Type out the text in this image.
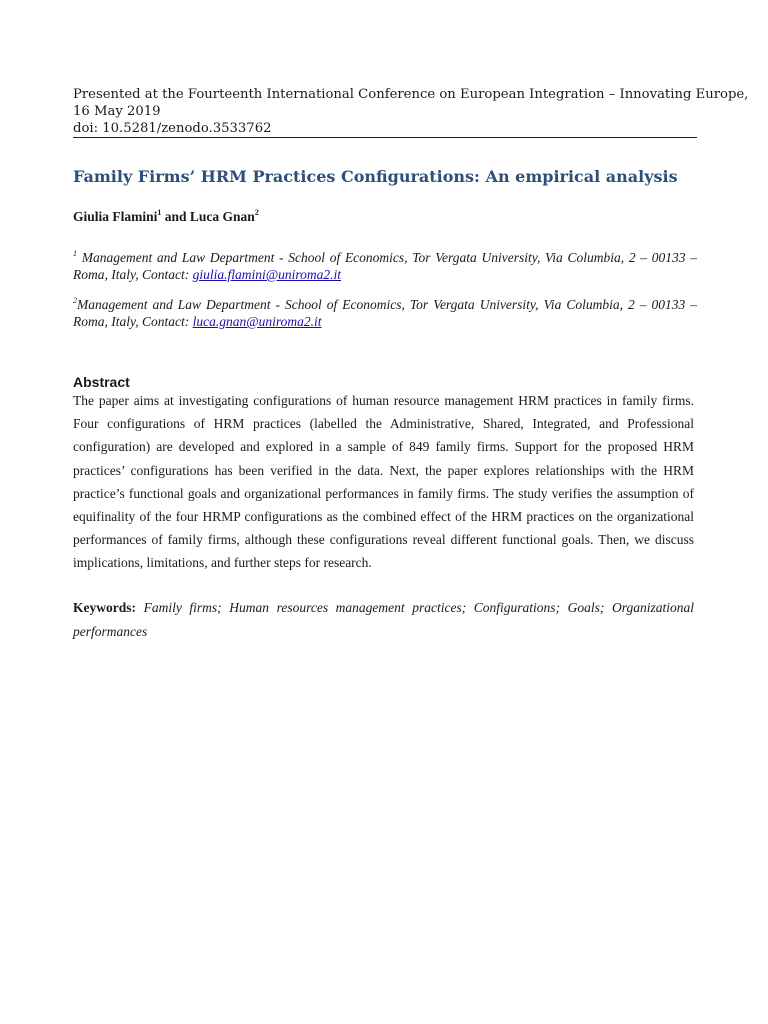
Presented at the Fourteenth International Conference on European Integration – Innovating Europe,
16 May 2019
doi: 10.5281/zenodo.3533762
Family Firms’ HRM Practices Configurations: An empirical analysis
Giulia Flamini$^1$ and Luca Gnan$^2$
$^1$ Management and Law Department - School of Economics, Tor Vergata University, Via Columbia, 2 – 00133 – Roma, Italy, Contact: giulia.flamini@uniroma2.it
$^2$Management and Law Department - School of Economics, Tor Vergata University, Via Columbia, 2 – 00133 – Roma, Italy, Contact: luca.gnan@uniroma2.it
Abstract
The paper aims at investigating configurations of human resource management HRM practices in family firms. Four configurations of HRM practices (labelled the Administrative, Shared, Integrated, and Professional configuration) are developed and explored in a sample of 849 family firms. Support for the proposed HRM practices’ configurations has been verified in the data. Next, the paper explores relationships with the HRM practice’s functional goals and organizational performances in family firms. The study verifies the assumption of equifinality of the four HRMP configurations as the combined effect of the HRM practices on the organizational performances of family firms, although these configurations reveal different functional goals. Then, we discuss implications, limitations, and further steps for research.
Keywords: Family firms; Human resources management practices; Configurations; Goals; Organizational performances
